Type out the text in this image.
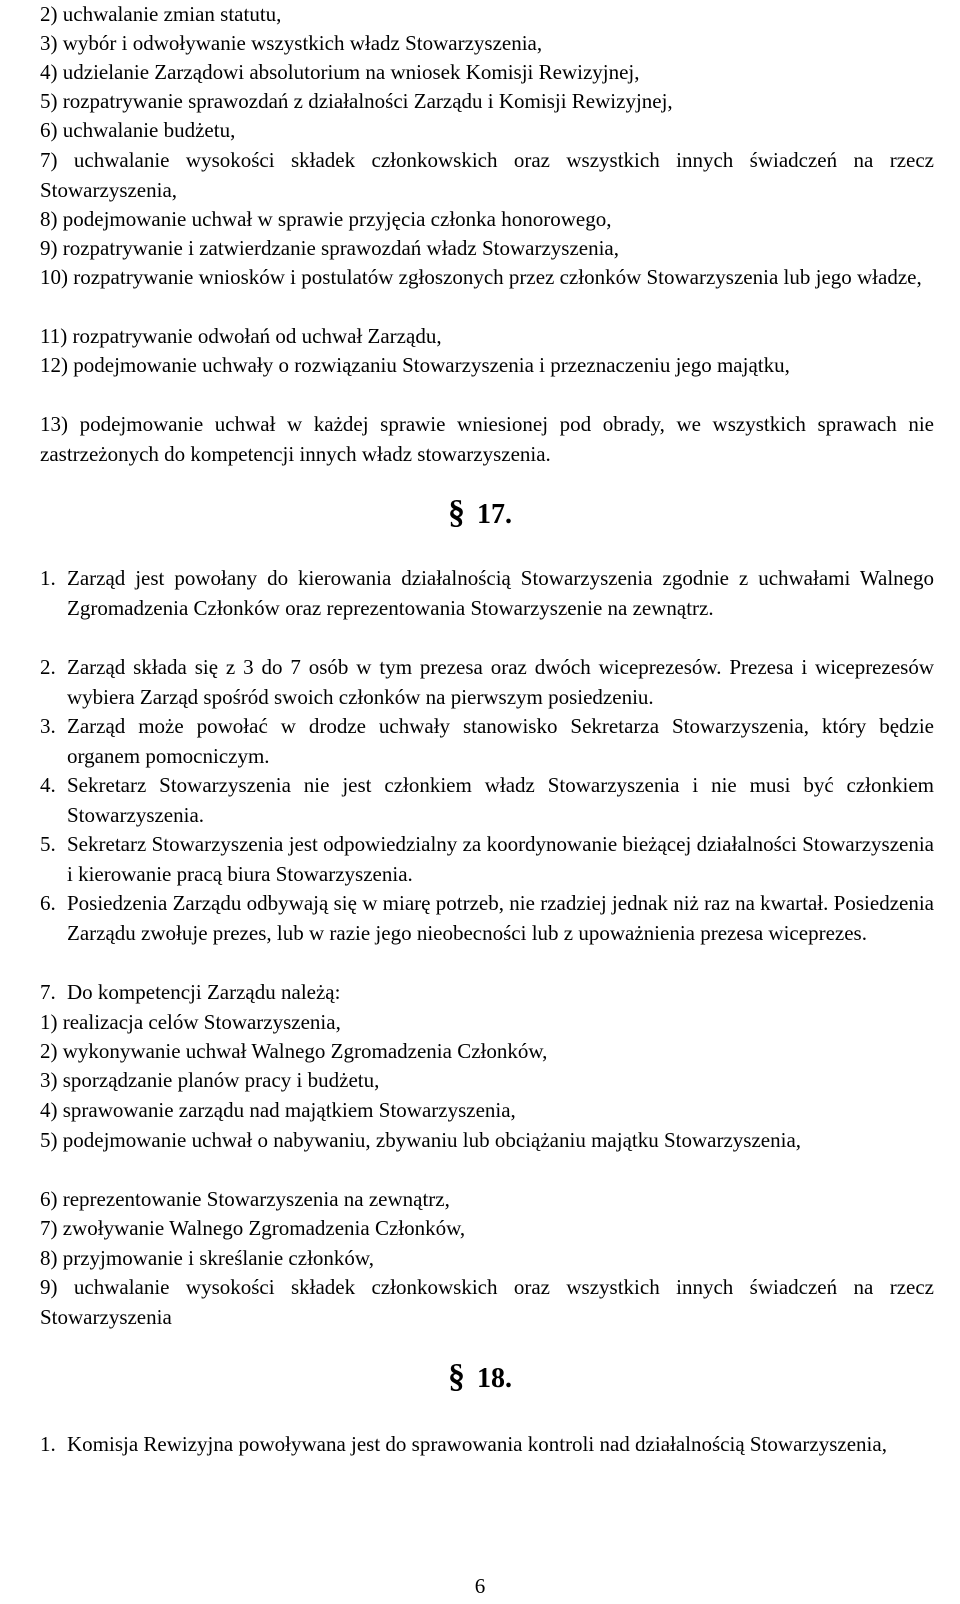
2) uchwalanie zmian statutu,

3) wybór i odwoływanie wszystkich władz Stowarzyszenia,

4) udzielanie Zarządowi absolutorium na wniosek Komisji Rewizyjnej,

5) rozpatrywanie sprawozdań z działalności Zarządu i Komisji Rewizyjnej,

6) uchwalanie budżetu,

7) uchwalanie wysokości składek członkowskich oraz wszystkich innych świadczeń na rzecz Stowarzyszenia,

8) podejmowanie uchwał w sprawie przyjęcia członka honorowego,

9) rozpatrywanie i zatwierdzanie sprawozdań władz Stowarzyszenia,

10) rozpatrywanie wniosków i postulatów zgłoszonych przez członków Stowarzyszenia lub jego władze,

11) rozpatrywanie odwołań od uchwał Zarządu,

12) podejmowanie uchwały o rozwiązaniu Stowarzyszenia i przeznaczeniu jego majątku,

13) podejmowanie uchwał w każdej sprawie wniesionej pod obrady, we wszystkich sprawach nie zastrzeżonych do kompetencji innych władz stowarzyszenia.

§ 17.
1. Zarząd jest powołany do kierowania działalnością Stowarzyszenia zgodnie z uchwałami Walnego Zgromadzenia Członków oraz reprezentowania Stowarzyszenie na zewnątrz.
2. Zarząd składa się z 3 do 7 osób w tym prezesa oraz dwóch wiceprezesów. Prezesa i wiceprezesów wybiera Zarząd spośród swoich członków na pierwszym posiedzeniu.
3. Zarząd może powołać w drodze uchwały stanowisko Sekretarza Stowarzyszenia, który będzie organem pomocniczym.
4. Sekretarz Stowarzyszenia nie jest członkiem władz Stowarzyszenia i nie musi być członkiem Stowarzyszenia.
5. Sekretarz Stowarzyszenia jest odpowiedzialny za koordynowanie bieżącej działalności Stowarzyszenia i kierowanie pracą biura Stowarzyszenia.
6. Posiedzenia Zarządu odbywają się w miarę potrzeb, nie rzadziej jednak niż raz na kwartał. Posiedzenia Zarządu zwołuje prezes, lub w razie jego nieobecności lub z upoważnienia prezesa wiceprezes.
7. Do kompetencji Zarządu należą:

1) realizacja celów Stowarzyszenia,

2) wykonywanie uchwał Walnego Zgromadzenia Członków,

3) sporządzanie planów pracy i budżetu,

4) sprawowanie zarządu nad majątkiem Stowarzyszenia,

5) podejmowanie uchwał o nabywaniu, zbywaniu lub obciążaniu majątku Stowarzyszenia,

6) reprezentowanie Stowarzyszenia na zewnątrz,

7) zwoływanie Walnego Zgromadzenia Członków,

8) przyjmowanie i skreślanie członków,

9) uchwalanie wysokości składek członkowskich oraz wszystkich innych świadczeń na rzecz Stowarzyszenia

§ 18.
1. Komisja Rewizyjna powoływana jest do sprawowania kontroli nad działalnością Stowarzyszenia,
6
